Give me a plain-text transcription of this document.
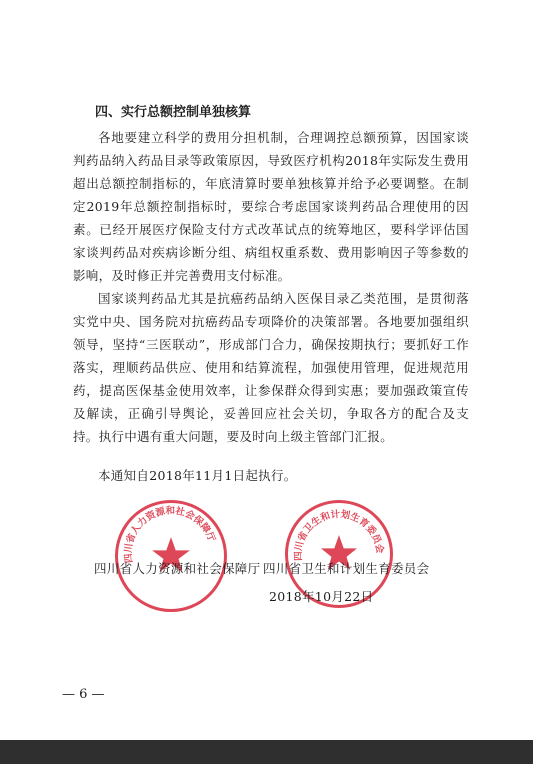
四、实行总额控制单独核算

各地要建立科学的费用分担机制，合理调控总额预算，因国家谈判药品纳入药品目录等政策原因，导致医疗机构2018年实际发生费用超出总额控制指标的，年底清算时要单独核算并给予必要调整。在制定2019年总额控制指标时，要综合考虑国家谈判药品合理使用的因素。已经开展医疗保险支付方式改革试点的统筹地区，要科学评估国家谈判药品对疾病诊断分组、病组权重系数、费用影响因子等参数的影响，及时修正并完善费用支付标准。

国家谈判药品尤其是抗癌药品纳入医保目录乙类范围，是贯彻落实党中央、国务院对抗癌药品专项降价的决策部署。各地要加强组织领导，坚持“三医联动”，形成部门合力，确保按期执行；要抓好工作落实，理顺药品供应、使用和结算流程，加强使用管理，促进规范用药，提高医保基金使用效率，让参保群众得到实惠；要加强政策宣传及解读，正确引导舆论，妥善回应社会关切，争取各方的配合及支持。执行中遇有重大问题，要及时向上级主管部门汇报。

本通知自2018年11月1日起执行。

四川省人力资源和社会保障厅
四川省卫生和计划生育委员会
四川省人力资源和社会保障厅 四川省卫生和计划生育委员会
2018年10月22日
— 6 —
